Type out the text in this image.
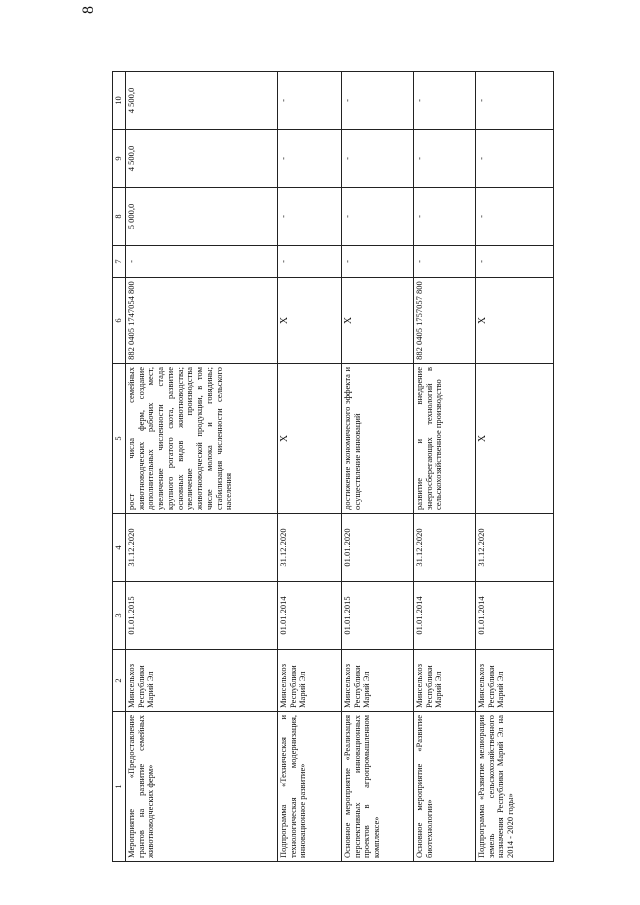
8
1	2	3	4	5	6	7	8	9	10
Мероприятие «Предоставление грантов на развитие семейных животноводческих ферм»	Минсельхоз Республики Марий Эл	01.01.2015	31.12.2020	рост числа семейных животноводческих ферм, создание дополнительных рабочих мест, увеличение численности стада крупного рогатого скота, развитие основных видов животноводства; увеличение производства животноводческой продукции, в том числе молока и говядины; стабилизация численности сельского населения	882 0405 1747054 800	-	5 000,0	4 500,0	4 500,0
Подпрограмма «Техническая и технологическая модернизация, инновационное развитие»	Минсельхоз Республики Марий Эл	01.01.2014	31.12.2020	X	X	-	-	-	-
Основное мероприятие «Реализация перспективных инновационных проектов в агропромышленном комплексе»	Минсельхоз Республики Марий Эл	01.01.2015	01.01.2020	достижение экономического эффекта и осуществление инноваций	X	-	-	-	-
Основное мероприятие «Развитие биотехнологии»	Минсельхоз Республики Марий Эл	01.01.2014	31.12.2020	развитие и внедрение энергосберегающих технологий в сельскохозяйственное производство	882 0405 1757057 800	-	-	-	-
Подпрограмма «Развитие мелиорации земель сельскохозяйственного назначения Республики Марий Эл на 2014 - 2020 годы»	Минсельхоз Республики Марий Эл	01.01.2014	31.12.2020	X	X	-	-	-	-
